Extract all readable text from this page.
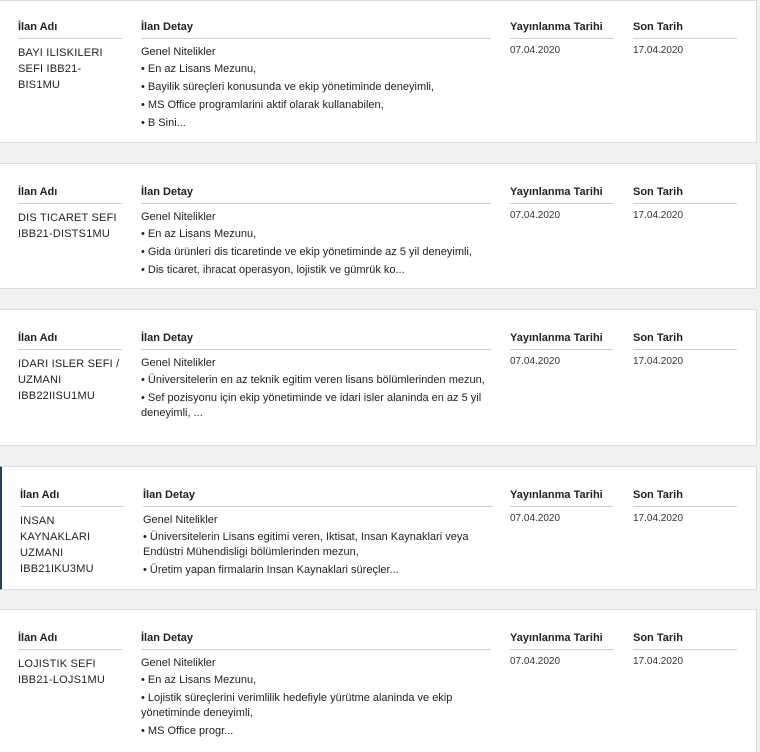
İlan Adı
BAYI ILISKILERI
SEFI IBB21-
BIS1MU
İlan Detay
Genel Nitelikler
• En az Lisans Mezunu,
• Bayilik süreçleri konusunda ve ekip yönetiminde deneyimli,
• MS Office programlarini aktif olarak kullanabilen,
• B Sini...
Yayınlanma Tarihi
07.04.2020
Son Tarih
17.04.2020
İlan Adı
DIS TICARET SEFI
IBB21-DISTS1MU
İlan Detay
Genel Nitelikler
• En az Lisans Mezunu,
• Gida ürünleri dis ticaretinde ve ekip yönetiminde az 5 yil deneyimli,
• Dis ticaret, ihracat operasyon, lojistik ve gümrük ko...
Yayınlanma Tarihi
07.04.2020
Son Tarih
17.04.2020
İlan Adı
IDARI ISLER SEFI /
UZMANI
IBB22IISU1MU
İlan Detay
Genel Nitelikler
• Üniversitelerin en az teknik egitim veren lisans bölümlerinden mezun,
• Sef pozisyonu için ekip yönetiminde ve idari isler alaninda en az 5 yil deneyimli, ...
Yayınlanma Tarihi
07.04.2020
Son Tarih
17.04.2020
İlan Adı
INSAN
KAYNAKLARI
UZMANI
IBB21IKU3MU
İlan Detay
Genel Nitelikler
• Üniversitelerin Lisans egitimi veren, Iktisat, Insan Kaynaklari veya Endüstri Mühendisligi bölümlerinden mezun,
• Üretim yapan firmalarin Insan Kaynaklari süreçler...
Yayınlanma Tarihi
07.04.2020
Son Tarih
17.04.2020
İlan Adı
LOJISTIK SEFI
IBB21-LOJS1MU
İlan Detay
Genel Nitelikler
• En az Lisans Mezunu,
• Lojistik süreçlerini verimlilik hedefiyle yürütme alaninda ve ekip yönetiminde deneyimli,
• MS Office progr...
Yayınlanma Tarihi
07.04.2020
Son Tarih
17.04.2020
